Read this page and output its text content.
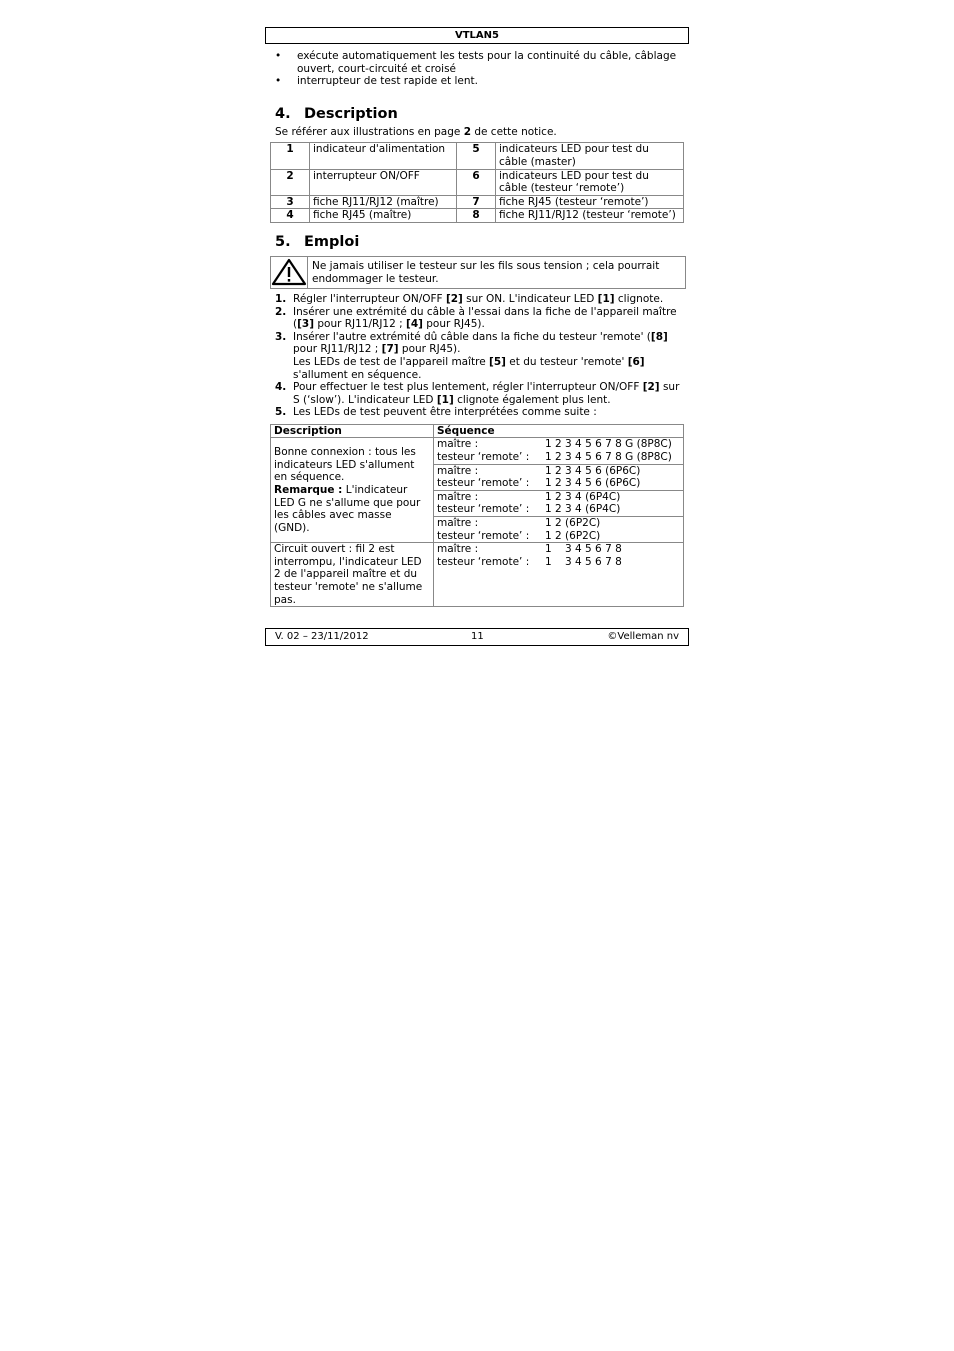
VTLAN5
• exécute automatiquement les tests pour la continuité du câble, câblage ouvert, court-circuité et croisé
• interrupteur de test rapide et lent.
4. Description
Se référer aux illustrations en page 2 de cette notice.
1	indicateur d'alimentation	5	indicateurs LED pour test du câble (master)
2	interrupteur ON/OFF	6	indicateurs LED pour test du câble (testeur ‘remote’)
3	fiche RJ11/RJ12 (maître)	7	fiche RJ45 (testeur ‘remote’)
4	fiche RJ45 (maître)	8	fiche RJ11/RJ12 (testeur ‘remote’)
5. Emploi
Ne jamais utiliser le testeur sur les fils sous tension ; cela pourrait endommager le testeur.
1. Régler l'interrupteur ON/OFF [2] sur ON. L'indicateur LED [1] clignote.
2. Insérer une extrémité du câble à l'essai dans la fiche de l'appareil maître ([3] pour RJ11/RJ12 ; [4] pour RJ45).
3. Insérer l'autre extrémité dû câble dans la fiche du testeur 'remote' ([8] pour RJ11/RJ12 ; [7] pour RJ45).
Les LEDs de test de l'appareil maître [5] et du testeur 'remote' [6] s'allument en séquence.
4. Pour effectuer le test plus lentement, régler l'interrupteur ON/OFF [2] sur S (‘slow’). L'indicateur LED [1] clignote également plus lent.
5. Les LEDs de test peuvent être interprétées comme suite :
Description	Séquence
Bonne connexion : tous les indicateurs LED s'allument en séquence.
Remarque : L'indicateur LED G ne s'allume que pour les câbles avec masse (GND).	
maître :	1 2 3 4 5 6 7 8 G (8P8C)
testeur ‘remote’ :	1 2 3 4 5 6 7 8 G (8P8C)

maître :	1 2 3 4 5 6 (6P6C)
testeur ‘remote’ :	1 2 3 4 5 6 (6P6C)

maître :	1 2 3 4 (6P4C)
testeur ‘remote’ :	1 2 3 4 (6P4C)

maître :	1 2 (6P2C)
testeur ‘remote’ :	1 2 (6P2C)

Circuit ouvert : fil 2 est interrompu, l'indicateur LED 2 de l'appareil maître et du testeur 'remote' ne s'allume pas.	
maître :	1 3 4 5 6 7 8
testeur ‘remote’ :	1 3 4 5 6 7 8
V. 02 – 23/11/2012	11	©Velleman nv
